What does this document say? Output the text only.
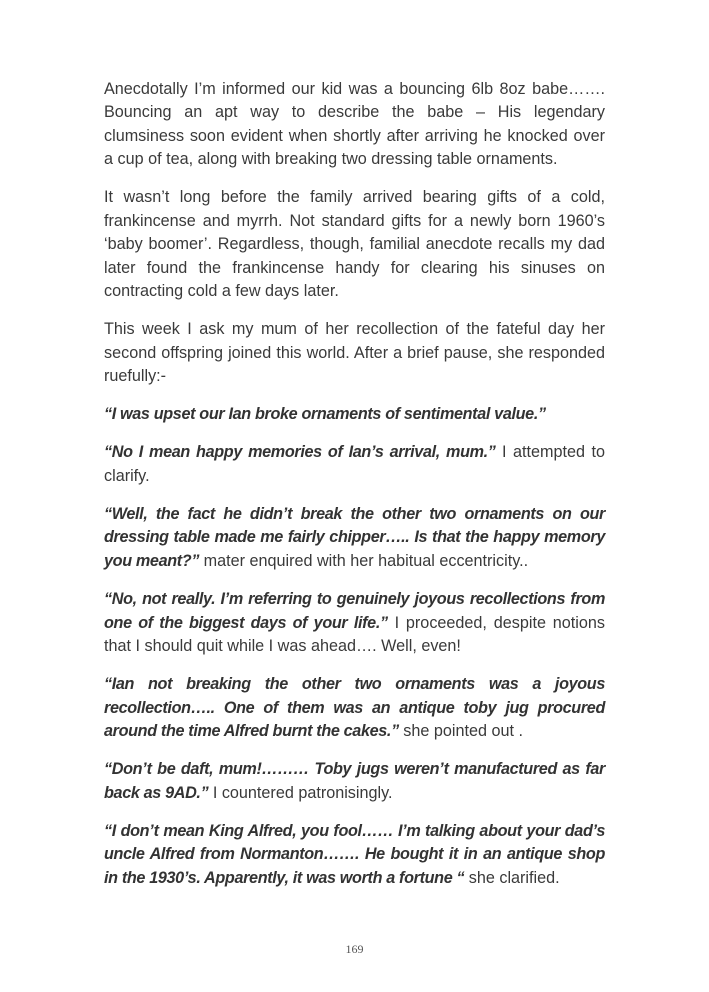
Anecdotally I’m informed our kid was a bouncing 6lb 8oz babe……. Bouncing an apt way to describe the babe – His legendary clumsiness soon evident when shortly after arriving he knocked over a cup of tea, along with breaking two dressing table ornaments.

It wasn’t long before the family arrived bearing gifts of a cold, frankincense and myrrh. Not standard gifts for a newly born 1960’s ‘baby boomer’. Regardless, though, familial anecdote recalls my dad later found the frankincense handy for clearing his sinuses on contracting cold a few days later.

This week I ask my mum of her recollection of the fateful day her second offspring joined this world. After a brief pause, she responded ruefully:-

“I was upset our Ian broke ornaments of sentimental value.”

“No I mean happy memories of Ian’s arrival, mum.” I attempted to clarify.

“Well, the fact he didn’t break the other two ornaments on our dressing table made me fairly chipper….. Is that the happy memory you meant?” mater enquired with her habitual eccentricity..

“No, not really. I’m referring to genuinely joyous recollections from one of the biggest days of your life.” I proceeded, despite notions that I should quit while I was ahead…. Well, even!

“Ian not breaking the other two ornaments was a joyous recollection….. One of them was an antique toby jug procured around the time Alfred burnt the cakes.” she pointed out .

“Don’t be daft, mum!……… Toby jugs weren’t manufactured as far back as 9AD.” I countered patronisingly.

“I don’t mean King Alfred, you fool…… I’m talking about your dad’s uncle Alfred from Normanton……. He bought it in an antique shop in the 1930’s. Apparently, it was worth a fortune “ she clarified.

169
